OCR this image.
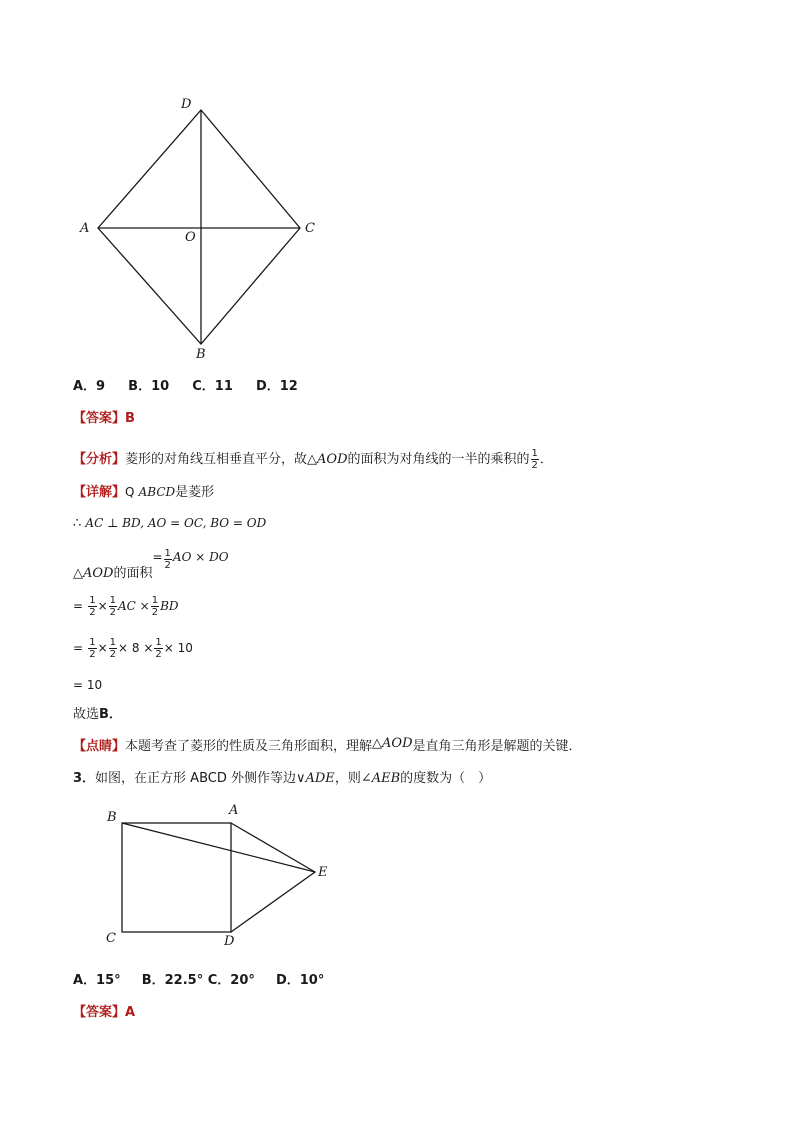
D
A
O
C
B
A．9 B．10 C．11 D．12
【答案】B
【分析】菱形的对角线互相垂直平分，故△AOD的面积为对角线的一半的乘积的 $\frac{1}{2}$ ．
【详解】Q ABCD是菱形
∴ AC ⊥ BD, AO = OC, BO = OD
△AOD的面积= $\frac{1}{2}$ AO × DO
= $\frac{1}{2} \times \frac{1}{2}$ AC × $\frac{1}{2}$ BD
= $\frac{1}{2} \times \frac{1}{2} \times 8 \times \frac{1}{2} \times 10$
= 10
故选B．
【点睛】本题考查了菱形的性质及三角形面积，理解△AOD是直角三角形是解题的关键．
3．如图，在正方形 ABCD 外侧作等边∨ADE，则∠AEB的度数为（　）
B	A
E
C	D
A．15° B．22.5° C．20° D．10°
【答案】A
